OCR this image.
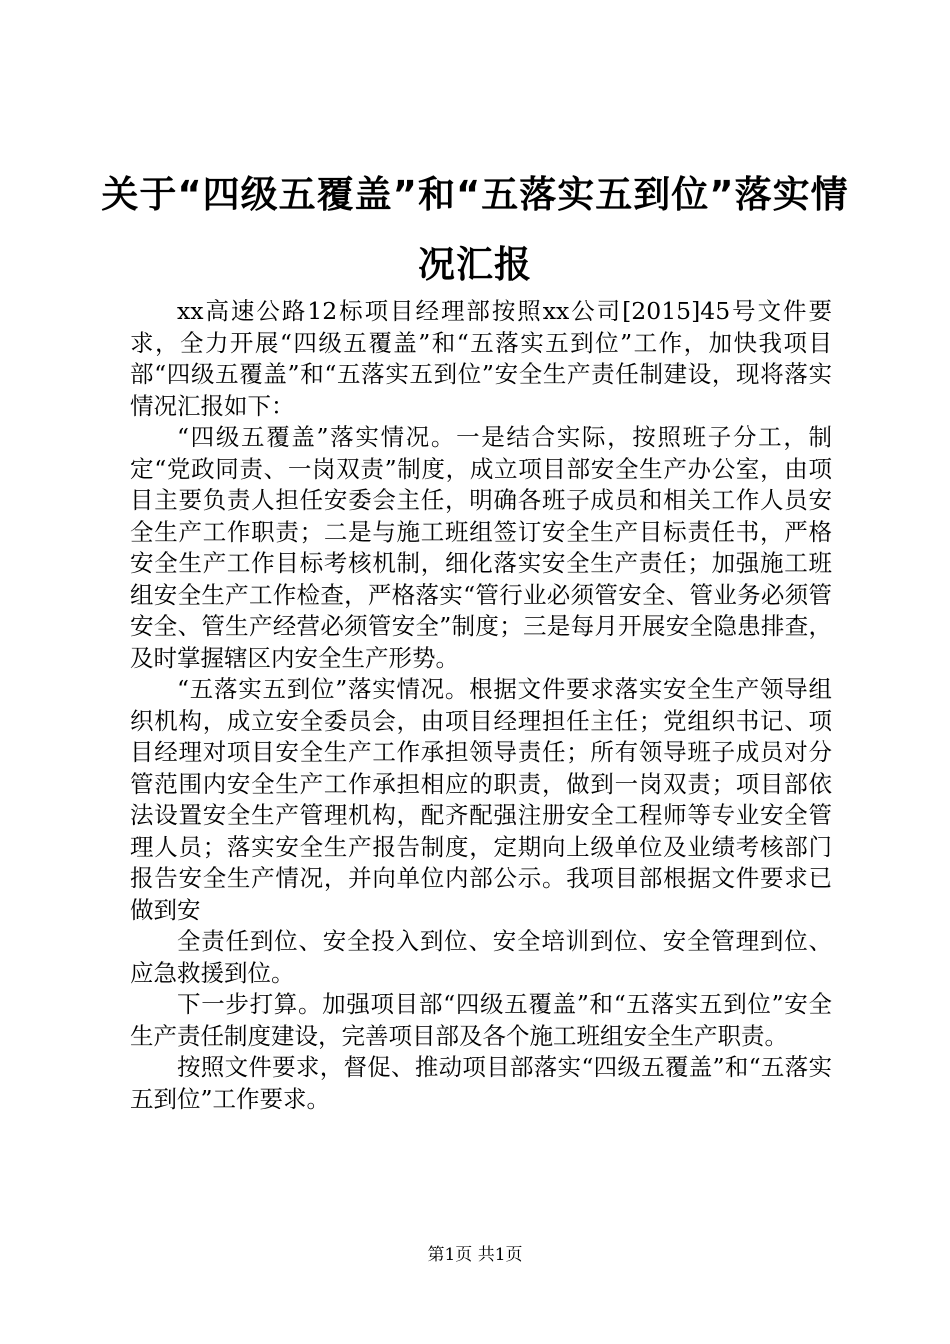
关于“四级五覆盖”和“五落实五到位”落实情况汇报

xx高速公路12标项目经理部按照xx公司[2015]45号文件要求，全力开展“四级五覆盖”和“五落实五到位”工作，加快我项目部“四级五覆盖”和“五落实五到位”安全生产责任制建设，现将落实情况汇报如下：

“四级五覆盖”落实情况。一是结合实际，按照班子分工，制定“党政同责、一岗双责”制度，成立项目部安全生产办公室，由项目主要负责人担任安委会主任，明确各班子成员和相关工作人员安全生产工作职责；二是与施工班组签订安全生产目标责任书，严格安全生产工作目标考核机制，细化落实安全生产责任；加强施工班组安全生产工作检查，严格落实“管行业必须管安全、管业务必须管安全、管生产经营必须管安全”制度；三是每月开展安全隐患排查，及时掌握辖区内安全生产形势。

“五落实五到位”落实情况。根据文件要求落实安全生产领导组织机构，成立安全委员会，由项目经理担任主任；党组织书记、项目经理对项目安全生产工作承担领导责任；所有领导班子成员对分管范围内安全生产工作承担相应的职责，做到一岗双责；项目部依法设置安全生产管理机构，配齐配强注册安全工程师等专业安全管理人员；落实安全生产报告制度，定期向上级单位及业绩考核部门报告安全生产情况，并向单位内部公示。我项目部根据文件要求已做到安

全责任到位、安全投入到位、安全培训到位、安全管理到位、应急救援到位。

下一步打算。加强项目部“四级五覆盖”和“五落实五到位”安全生产责任制度建设，完善项目部及各个施工班组安全生产职责。

按照文件要求，督促、推动项目部落实“四级五覆盖”和“五落实五到位”工作要求。

第1页 共1页
